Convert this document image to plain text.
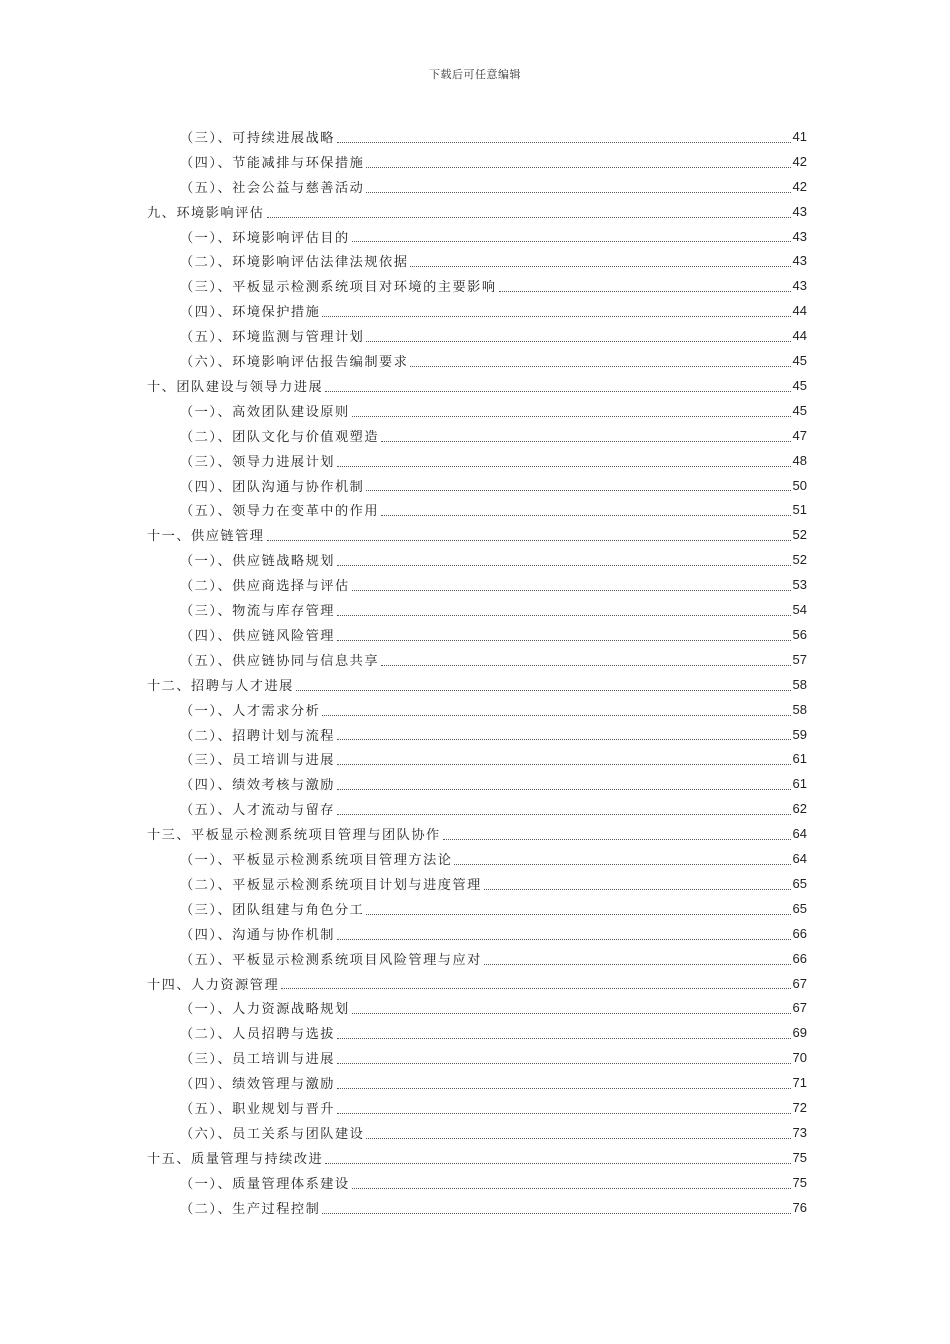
下载后可任意编辑
（三）、可持续进展战略	41
（四）、节能减排与环保措施	42
（五）、社会公益与慈善活动	42
九、环境影响评估	43
（一）、环境影响评估目的	43
（二）、环境影响评估法律法规依据	43
（三）、平板显示检测系统项目对环境的主要影响	43
（四）、环境保护措施	44
（五）、环境监测与管理计划	44
（六）、环境影响评估报告编制要求	45
十、团队建设与领导力进展	45
（一）、高效团队建设原则	45
（二）、团队文化与价值观塑造	47
（三）、领导力进展计划	48
（四）、团队沟通与协作机制	50
（五）、领导力在变革中的作用	51
十一、供应链管理	52
（一）、供应链战略规划	52
（二）、供应商选择与评估	53
（三）、物流与库存管理	54
（四）、供应链风险管理	56
（五）、供应链协同与信息共享	57
十二、招聘与人才进展	58
（一）、人才需求分析	58
（二）、招聘计划与流程	59
（三）、员工培训与进展	61
（四）、绩效考核与激励	61
（五）、人才流动与留存	62
十三、平板显示检测系统项目管理与团队协作	64
（一）、平板显示检测系统项目管理方法论	64
（二）、平板显示检测系统项目计划与进度管理	65
（三）、团队组建与角色分工	65
（四）、沟通与协作机制	66
（五）、平板显示检测系统项目风险管理与应对	66
十四、人力资源管理	67
（一）、人力资源战略规划	67
（二）、人员招聘与选拔	69
（三）、员工培训与进展	70
（四）、绩效管理与激励	71
（五）、职业规划与晋升	72
（六）、员工关系与团队建设	73
十五、质量管理与持续改进	75
（一）、质量管理体系建设	75
（二）、生产过程控制	76
